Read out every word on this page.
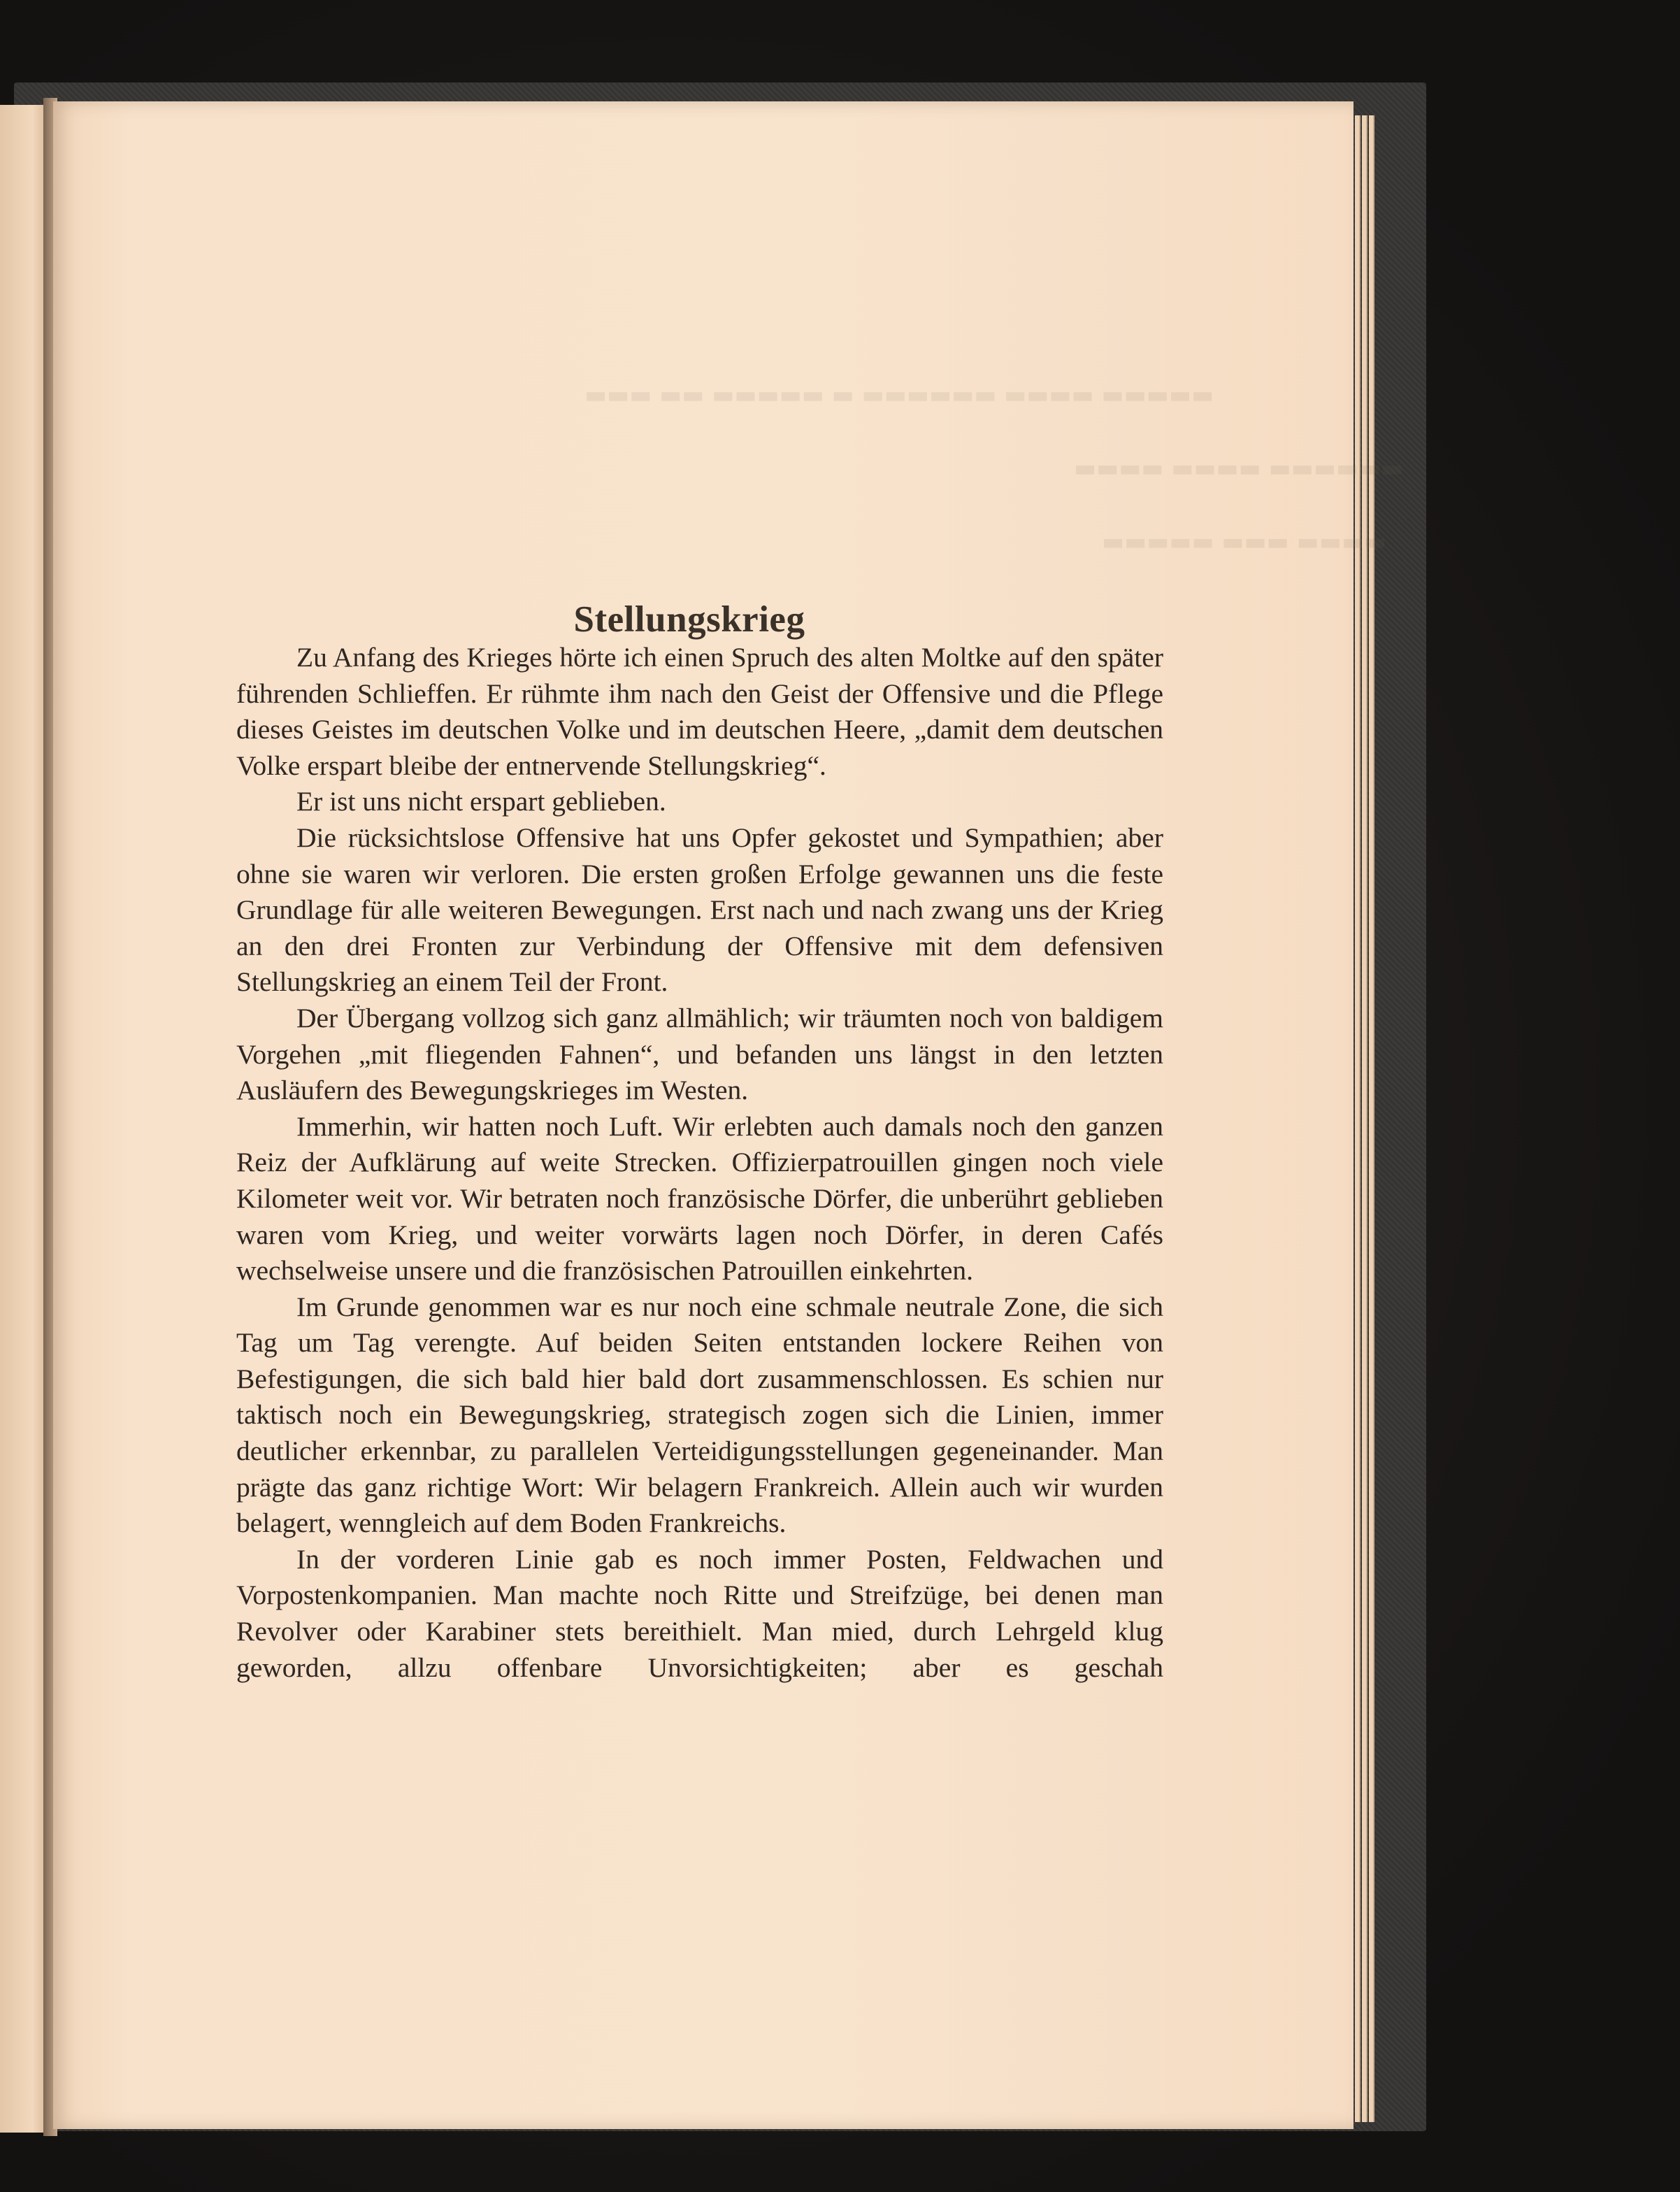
▬▬▬ ▬▬ ▬▬▬▬▬ ▬ ▬▬▬▬▬▬ ▬▬▬▬ ▬▬▬▬▬
▬▬▬▬ ▬▬▬▬ ▬▬▬▬▬▬
▬▬▬▬▬ ▬▬▬ ▬▬▬▬
Stellungskrieg

Zu Anfang des Krieges hörte ich einen Spruch des alten Moltke auf den später führenden Schlieffen. Er rühmte ihm nach den Geist der Offensive und die Pflege dieses Geistes im deutschen Volke und im deutschen Heere, „damit dem deutschen Volke erspart bleibe der entnervende Stellungskrieg“.

Er ist uns nicht erspart geblieben.

Die rücksichtslose Offensive hat uns Opfer gekostet und Sympathien; aber ohne sie waren wir verloren. Die ersten großen Erfolge gewannen uns die feste Grundlage für alle weiteren Bewegungen. Erst nach und nach zwang uns der Krieg an den drei Fronten zur Verbindung der Offensive mit dem defensiven Stellungskrieg an einem Teil der Front.

Der Übergang vollzog sich ganz allmählich; wir träumten noch von baldigem Vorgehen „mit fliegenden Fahnen“, und befanden uns längst in den letzten Ausläufern des Bewegungskrieges im Westen.

Immerhin, wir hatten noch Luft. Wir erlebten auch damals noch den ganzen Reiz der Aufklärung auf weite Strecken. Offizierpatrouillen gingen noch viele Kilometer weit vor. Wir betraten noch französische Dörfer, die unberührt geblieben waren vom Krieg, und weiter vorwärts lagen noch Dörfer, in deren Cafés wechselweise unsere und die französischen Patrouillen einkehrten.

Im Grunde genommen war es nur noch eine schmale neutrale Zone, die sich Tag um Tag verengte. Auf beiden Seiten entstanden lockere Reihen von Befestigungen, die sich bald hier bald dort zusammenschlossen. Es schien nur taktisch noch ein Bewegungskrieg, strategisch zogen sich die Linien, immer deutlicher erkennbar, zu parallelen Verteidigungsstellungen gegeneinander. Man prägte das ganz richtige Wort: Wir belagern Frankreich. Allein auch wir wurden belagert, wenngleich auf dem Boden Frankreichs.

In der vorderen Linie gab es noch immer Posten, Feldwachen und Vorpostenkompanien. Man machte noch Ritte und Streifzüge, bei denen man Revolver oder Karabiner stets bereithielt. Man mied, durch Lehrgeld klug geworden, allzu offenbare Unvorsichtigkeiten; aber es geschah
